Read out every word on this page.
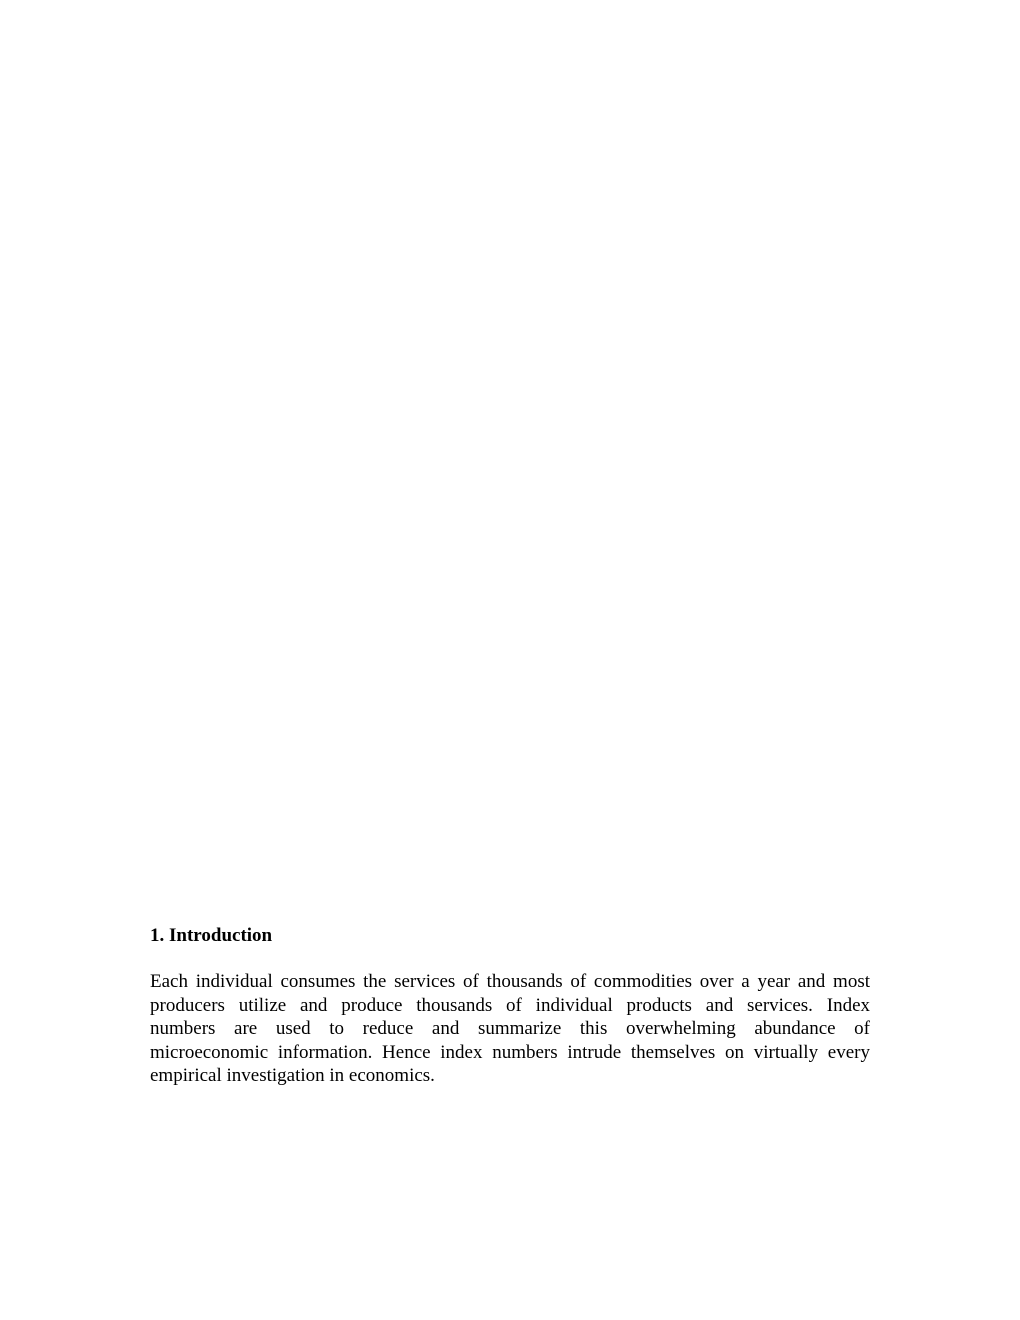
1. Introduction

Each individual consumes the services of thousands of commodities over a year and most
producers utilize and produce thousands of individual products and services. Index
numbers are used to reduce and summarize this overwhelming abundance of
microeconomic information. Hence index numbers intrude themselves on virtually every
empirical investigation in economics.
